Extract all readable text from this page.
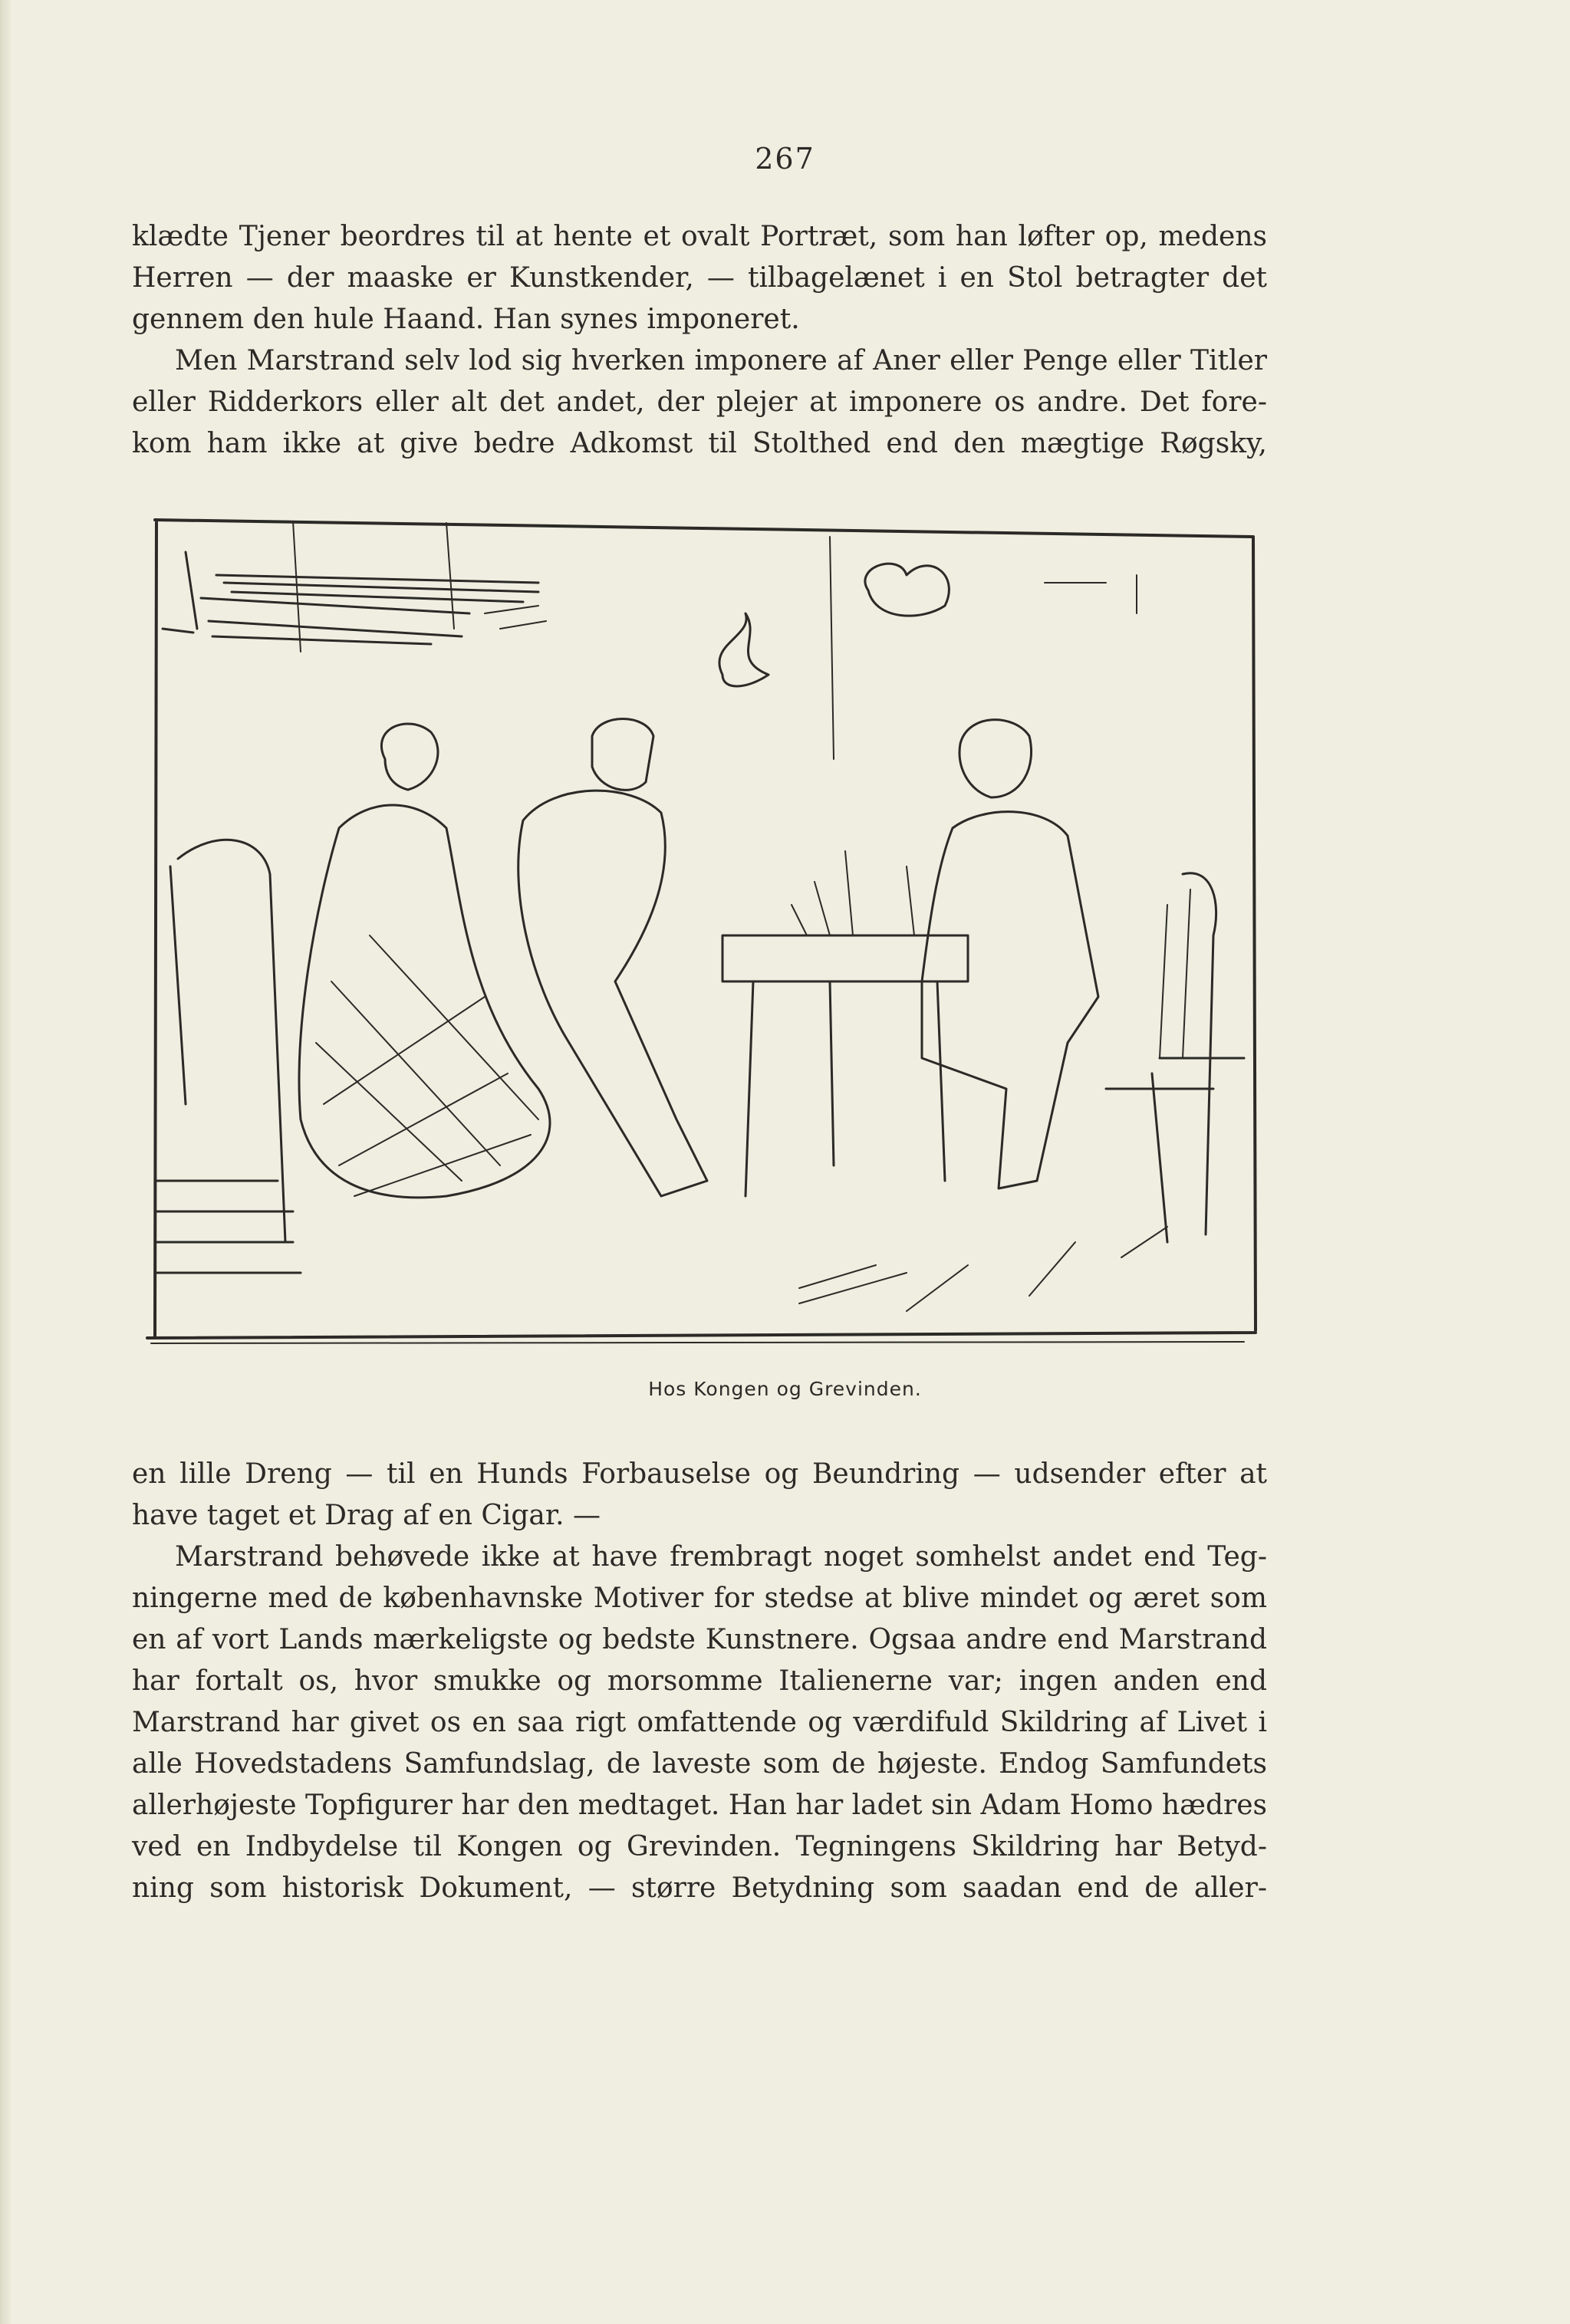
267
klædte Tjener beordres til at hente et ovalt Portræt, som han løfter op, medens
Herren — der maaske er Kunstkender, — tilbagelænet i en Stol betragter det
gennem den hule Haand. Han synes imponeret.
Men Marstrand selv lod sig hverken imponere af Aner eller Penge eller Titler
eller Ridderkors eller alt det andet, der plejer at imponere os andre. Det fore-
kom ham ikke at give bedre Adkomst til Stolthed end den mægtige Røgsky,
Hos Kongen og Grevinden.
en lille Dreng — til en Hunds Forbauselse og Beundring — udsender efter at
have taget et Drag af en Cigar. —
Marstrand behøvede ikke at have frembragt noget somhelst andet end Teg-
ningerne med de københavnske Motiver for stedse at blive mindet og æret som
en af vort Lands mærkeligste og bedste Kunstnere. Ogsaa andre end Marstrand
har fortalt os, hvor smukke og morsomme Italienerne var; ingen anden end
Marstrand har givet os en saa rigt omfattende og værdifuld Skildring af Livet i
alle Hovedstadens Samfundslag, de laveste som de højeste. Endog Samfundets
allerhøjeste Topfigurer har den medtaget. Han har ladet sin Adam Homo hædres
ved en Indbydelse til Kongen og Grevinden. Tegningens Skildring har Betyd-
ning som historisk Dokument, — større Betydning som saadan end de aller-
